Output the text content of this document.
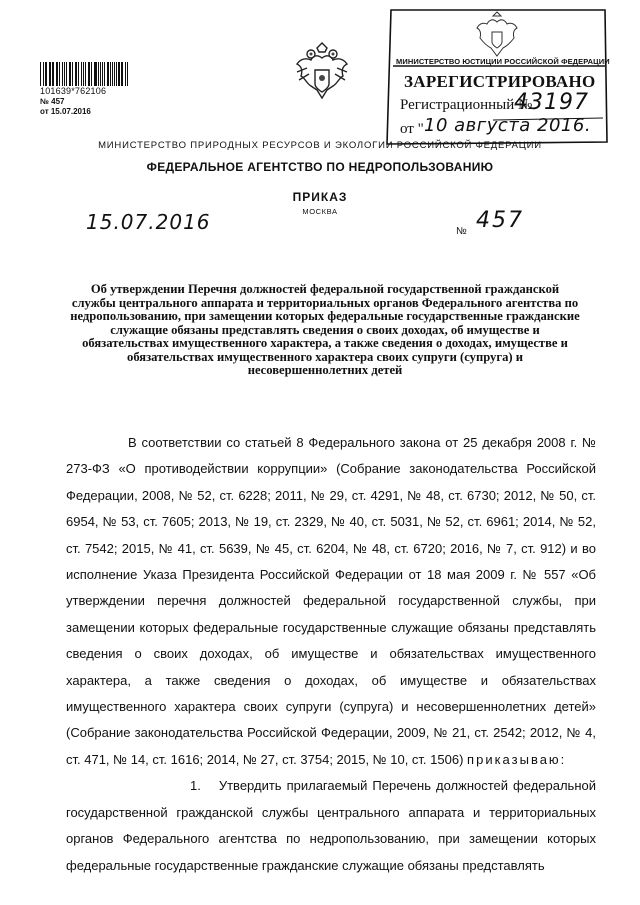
101639*762106
№ 457
от 15.07.2016
МИНИСТЕРСТВО ЮСТИЦИИ РОССИЙСКОЙ ФЕДЕРАЦИИ
ЗАРЕГИСТРИРОВАНО
Регистрационный №
43197
от " 10 августа 2016.
МИНИСТЕРСТВО ПРИРОДНЫХ РЕСУРСОВ И ЭКОЛОГИИ РОССИЙСКОЙ ФЕДЕРАЦИИ
ФЕДЕРАЛЬНОЕ АГЕНТСТВО ПО НЕДРОПОЛЬЗОВАНИЮ
ПРИКАЗ
МОСКВА
15.07.2016	№ 457
Об утверждении Перечня должностей федеральной государственной гражданской службы центрального аппарата и территориальных органов Федерального агентства по недропользованию, при замещении которых федеральные государственные гражданские служащие обязаны представлять сведения о своих доходах, об имуществе и обязательствах имущественного характера, а также сведения о доходах, имуществе и обязательствах имущественного характера своих супруги (супруга) и несовершеннолетних детей

В соответствии со статьей 8 Федерального закона от 25 декабря 2008 г. № 273-ФЗ «О противодействии коррупции» (Собрание законодательства Российской Федерации, 2008, № 52, ст. 6228; 2011, № 29, ст. 4291, № 48, ст. 6730; 2012, № 50, ст. 6954, № 53, ст. 7605; 2013, № 19, ст. 2329, № 40, ст. 5031, № 52, ст. 6961; 2014, № 52, ст. 7542; 2015, № 41, ст. 5639, № 45, ст. 6204, № 48, ст. 6720; 2016, № 7, ст. 912) и во исполнение Указа Президента Российской Федерации от 18 мая 2009 г. № 557 «Об утверждении перечня должностей федеральной государственной службы, при замещении которых федеральные государственные служащие обязаны представлять сведения о своих доходах, об имуществе и обязательствах имущественного характера, а также сведения о доходах, об имуществе и обязательствах имущественного характера своих супруги (супруга) и несовершеннолетних детей» (Собрание законодательства Российской Федерации, 2009, № 21, ст. 2542; 2012, № 4, ст. 471, № 14, ст. 1616; 2014, № 27, ст. 3754; 2015, № 10, ст. 1506) приказываю:

1. Утвердить прилагаемый Перечень должностей федеральной государственной гражданской службы центрального аппарата и территориальных органов Федерального агентства по недропользованию, при замещении которых федеральные государственные гражданские служащие обязаны представлять
